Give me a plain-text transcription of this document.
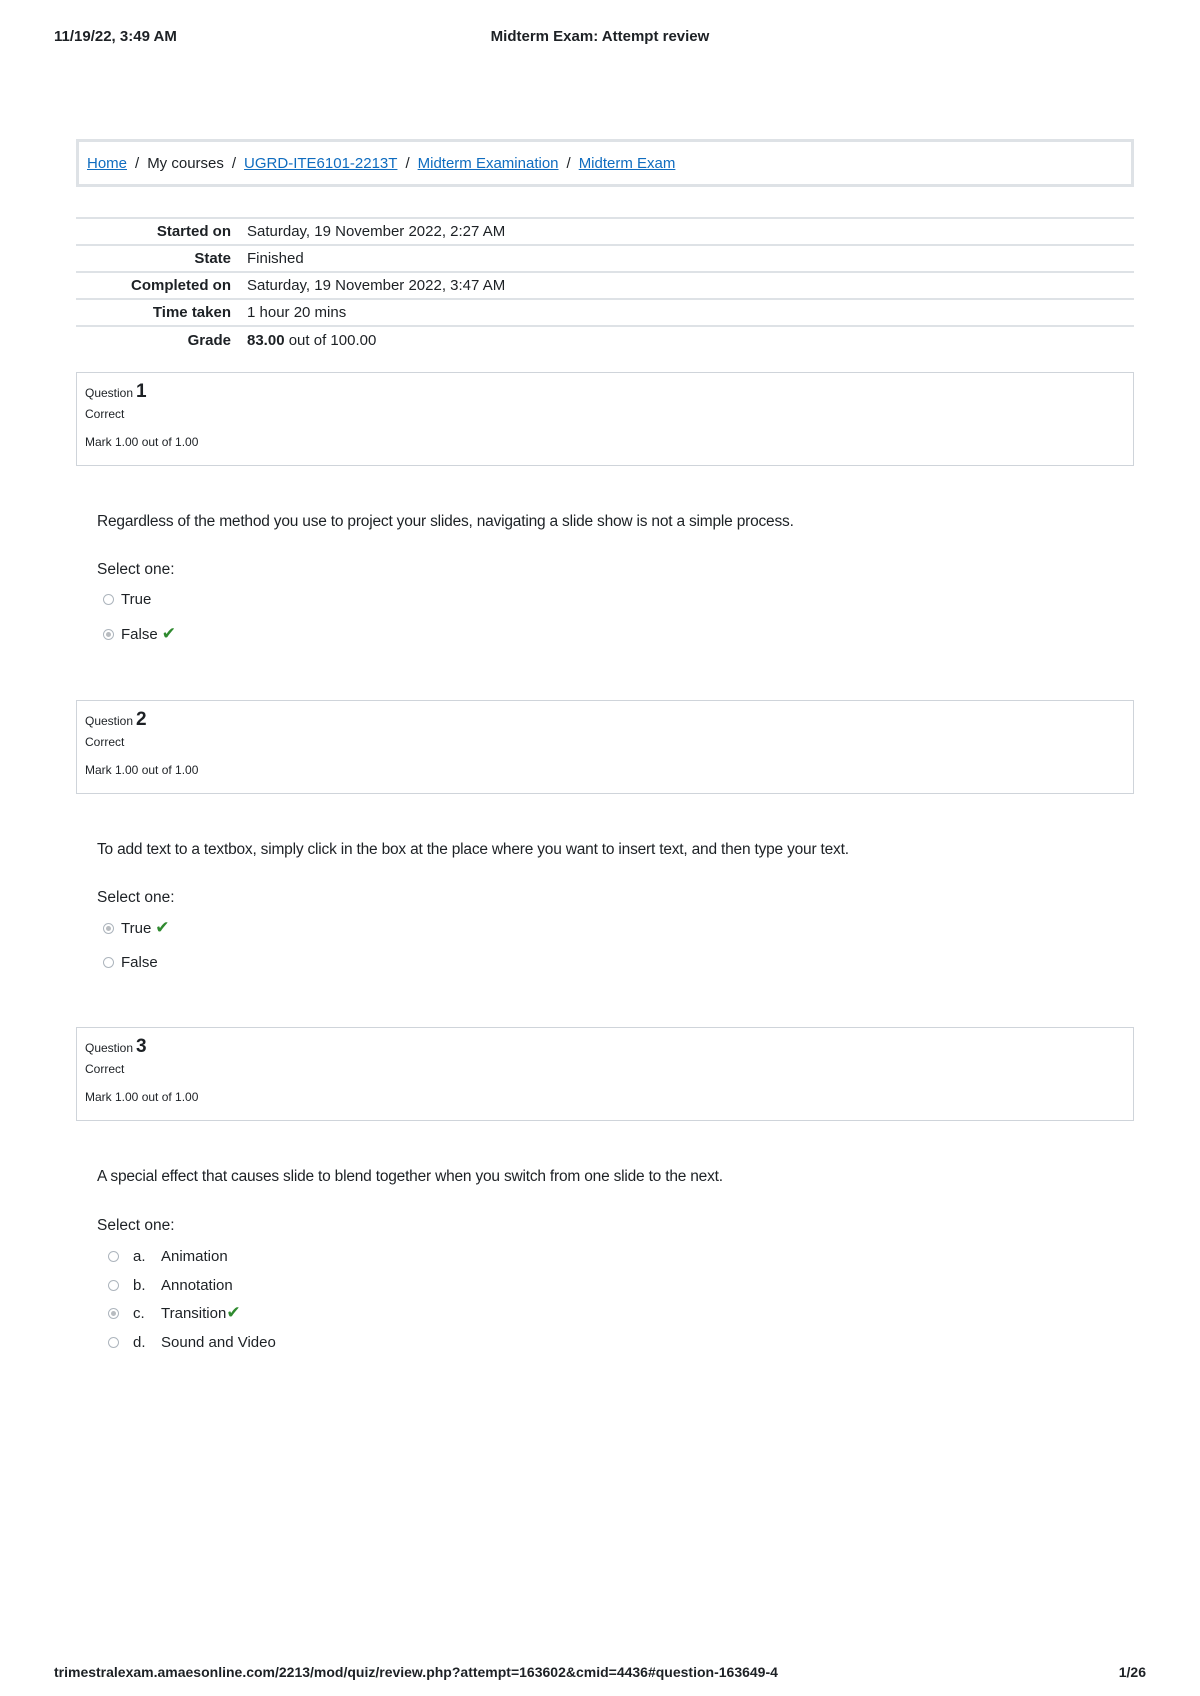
11/19/22, 3:49 AM	Midterm Exam: Attempt review
Home / My courses / UGRD-ITE6101-2213T / Midterm Examination / Midterm Exam
Started on	Saturday, 19 November 2022, 2:27 AM
State	Finished
Completed on	Saturday, 19 November 2022, 3:47 AM
Time taken	1 hour 20 mins
Grade	83.00 out of 100.00
Question 1
Correct
Mark 1.00 out of 1.00
Regardless of the method you use to project your slides, navigating a slide show is not a simple process.
Select one:
True
False ✔
Question 2
Correct
Mark 1.00 out of 1.00
To add text to a textbox, simply click in the box at the place where you want to insert text, and then type your text.
Select one:
True ✔
False
Question 3
Correct
Mark 1.00 out of 1.00
A special effect that causes slide to blend together when you switch from one slide to the next.
Select one:
a.	Animation
b.	Annotation
c.	Transition ✔
d.	Sound and Video
trimestralexam.amaesonline.com/2213/mod/quiz/review.php?attempt=163602&cmid=4436#question-163649-4	1/26
